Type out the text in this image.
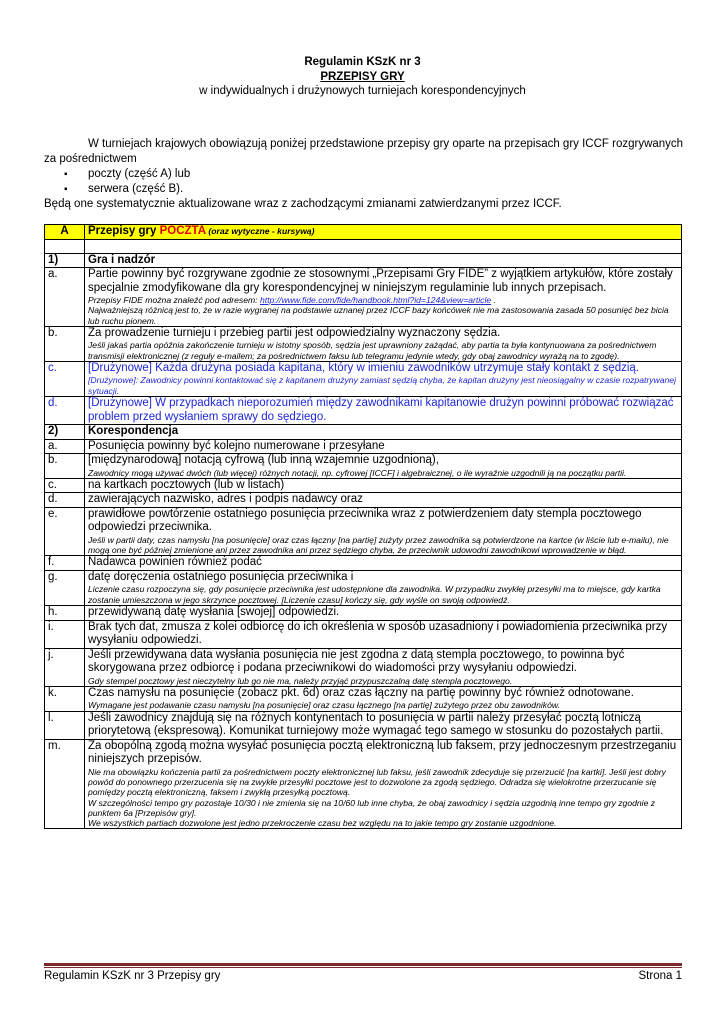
Regulamin KSzK nr 3
PRZEPISY GRY
w indywidualnych i drużynowych turniejach korespondencyjnych

W turniejach krajowych obowiązują poniżej przedstawione przepisy gry oparte na przepisach gry ICCF rozgrywanych za pośrednictwem

▪ poczty (część A) lub
▪ serwera (część B).

Będą one systematycznie aktualizowane wraz z zachodzącymi zmianami zatwierdzanymi przez ICCF.

A	Przepisy gry POCZTA (oraz wytyczne - kursywą)

1)	Gra i nadzór
a.	Partie powinny być rozgrywane zgodnie ze stosownymi „Przepisami Gry FIDE” z wyjątkiem artykułów, które zostały specjalnie zmodyfikowane dla gry korespondencyjnej w niniejszym regulaminie lub innych przepisach.
Przepisy FIDE można znaleźć pod adresem: http://www.fide.com/fide/handbook.html?id=124&view=article .
Najważniejszą różnicą jest to, że w razie wygranej na podstawie uznanej przez ICCF bazy końcówek nie ma zastosowania zasada 50 posunięć bez bicia lub ruchu pionem.

b.	Za prowadzenie turnieju i przebieg partii jest odpowiedzialny wyznaczony sędzia.
Jeśli jakaś partia opóźnia zakończenie turnieju w istotny sposób, sędzia jest uprawniony zażądać, aby partia ta była kontynuowana za pośrednictwem transmisji elektronicznej (z reguły e-mailem; za pośrednictwem faksu lub telegramu jedynie wtedy, gdy obaj zawodnicy wyrażą na to zgodę).

c.	[Drużynowe] Każda drużyna posiada kapitana, który w imieniu zawodników utrzymuje stały kontakt z sędzią.
[Drużynowe]: Zawodnicy powinni kontaktować się z kapitanem drużyny zamiast sędzią chyba, że kapitan drużyny jest nieosiągalny w czasie rozpatrywanej sytuacji.

d.	[Drużynowe] W przypadkach nieporozumień między zawodnikami kapitanowie drużyn powinni próbować rozwiązać problem przed wysłaniem sprawy do sędziego.
2)	Korespondencja
a.	Posunięcia powinny być kolejno numerowane i przesyłane
b.	[międzynarodową] notacją cyfrową (lub inną wzajemnie uzgodnioną),
Zawodnicy mogą używać dwóch (lub więcej) różnych notacji, np. cyfrowej [ICCF] i algebraicznej, o ile wyraźnie uzgodnili ją na początku partii.

c.	na kartkach pocztowych (lub w listach)
d.	zawierających nazwisko, adres i podpis nadawcy oraz
e.	prawidłowe powtórzenie ostatniego posunięcia przeciwnika wraz z potwierdzeniem daty stempla pocztowego odpowiedzi przeciwnika.
Jeśli w partii daty, czas namysłu [na posunięcie] oraz czas łączny [na partię] zużyty przez zawodnika są potwierdzone na kartce (w liście lub e-mailu), nie mogą one być później zmienione ani przez zawodnika ani przez sędziego chyba, że przeciwnik udowodni zawodnikowi wprowadzenie w błąd.

f.	Nadawca powinien również podać
g.	datę doręczenia ostatniego posunięcia przeciwnika i
Liczenie czasu rozpoczyna się, gdy posunięcie przeciwnika jest udostępnione dla zawodnika. W przypadku zwykłej przesyłki ma to miejsce, gdy kartka zostanie umieszczona w jego skrzynce pocztowej. [Liczenie czasu] kończy się, gdy wyśle on swoją odpowiedź.

h.	przewidywaną datę wysłania [swojej] odpowiedzi.
i.	Brak tych dat, zmusza z kolei odbiorcę do ich określenia w sposób uzasadniony i powiadomienia przeciwnika przy wysyłaniu odpowiedzi.
j.	Jeśli przewidywana data wysłania posunięcia nie jest zgodna z datą stempla pocztowego, to powinna być skorygowana przez odbiorcę i podana przeciwnikowi do wiadomości przy wysyłaniu odpowiedzi.
Gdy stempel pocztowy jest nieczytelny lub go nie ma, należy przyjąć przypuszczalną datę stempla pocztowego.

k.	Czas namysłu na posunięcie (zobacz pkt. 6d) oraz czas łączny na partię powinny być również odnotowane.
Wymagane jest podawanie czasu namysłu [na posunięcie] oraz czasu łącznego [na partię] zużytego przez obu zawodników.

l.	Jeśli zawodnicy znajdują się na różnych kontynentach to posunięcia w partii należy przesyłać pocztą lotniczą priorytetową (ekspresową). Komunikat turniejowy może wymagać tego samego w stosunku do pozostałych partii.
m.	Za obopólną zgodą można wysyłać posunięcia pocztą elektroniczną lub faksem, przy jednoczesnym przestrzeganiu niniejszych przepisów.
Nie ma obowiązku kończenia partii za pośrednictwem poczty elektronicznej lub faksu, jeśli zawodnik zdecyduje się przerzucić [na kartki]. Jeśli jest dobry powód do ponownego przerzucenia się na zwykłe przesyłki pocztowe jest to dozwolone za zgodą sędziego. Odradza się wielokrotne przerzucanie się pomiędzy pocztą elektroniczną, faksem i zwykłą przesyłką pocztową.
W szczególności tempo gry pozostaje 10/30 i nie zmienia się na 10/60 lub inne chyba, że obaj zawodnicy i sędzia uzgodnią inne tempo gry zgodnie z punktem 6a [Przepisów gry].
We wszystkich partiach dozwolone jest jedno przekroczenie czasu bez względu na to jakie tempo gry zostanie uzgodnione.
Regulamin KSzK nr 3 Przepisy gry	Strona 1
